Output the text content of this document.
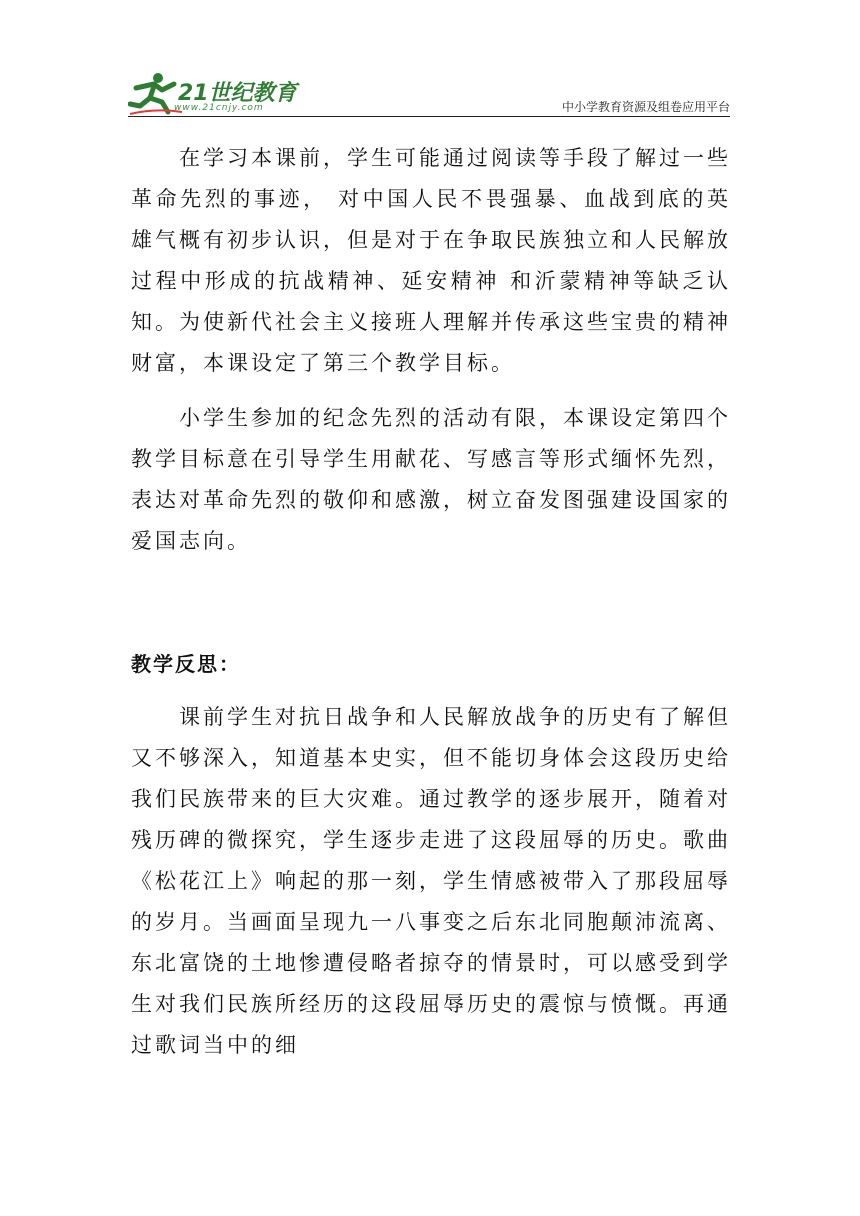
21世纪教育
www.21cnjy.com	中小学教育资源及组卷应用平台

在学习本课前，学生可能通过阅读等手段了解过一些革命先烈的事迹， 对中国人民不畏强暴、血战到底的英雄气概有初步认识，但是对于在争取民族独立和人民解放过程中形成的抗战精神、延安精神 和沂蒙精神等缺乏认知。为使新代社会主义接班人理解并传承这些宝贵的精神财富，本课设定了第三个教学目标。

小学生参加的纪念先烈的活动有限，本课设定第四个教学目标意在引导学生用献花、写感言等形式缅怀先烈，表达对革命先烈的敬仰和感激，树立奋发图强建设国家的爱国志向。

教学反思：

课前学生对抗日战争和人民解放战争的历史有了解但又不够深入，知道基本史实，但不能切身体会这段历史给我们民族带来的巨大灾难。通过教学的逐步展开，随着对残历碑的微探究，学生逐步走进了这段屈辱的历史。歌曲《松花江上》响起的那一刻，学生情感被带入了那段屈辱的岁月。当画面呈现九一八事变之后东北同胞颠沛流离、东北富饶的土地惨遭侵略者掠夺的情景时，可以感受到学生对我们民族所经历的这段屈辱历史的震惊与愤慨。再通过歌词当中的细
